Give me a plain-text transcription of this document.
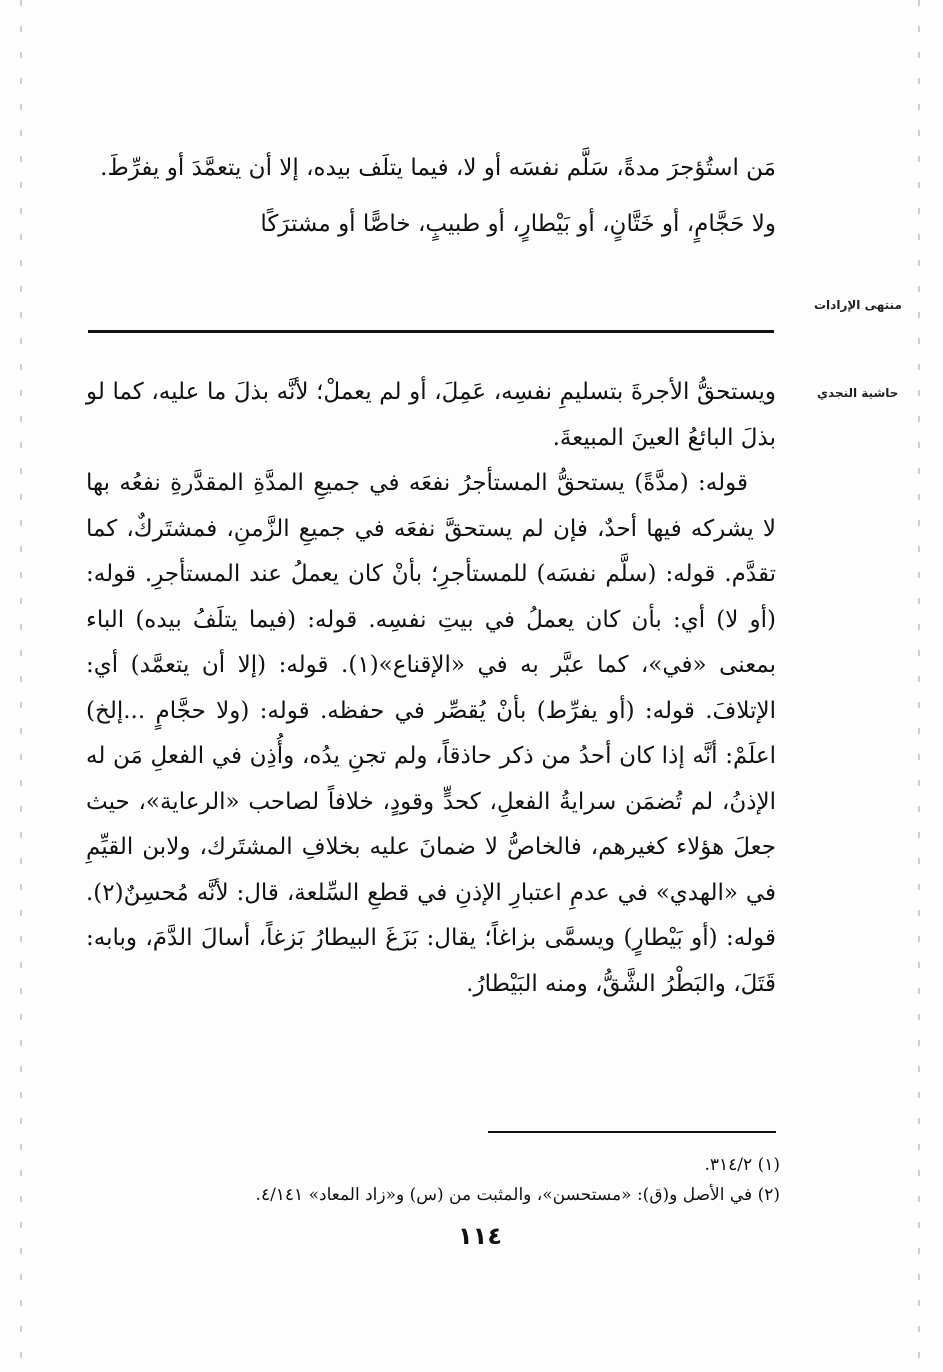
مَن استُؤجرَ مدةً، سَلَّم نفسَه أو لا، فيما يتلَف بيده، إلا أن يتعمَّدَ أو يفرِّطَ.

ولا حَجَّامٍ، أو خَتَّانٍ، أو بَيْطارٍ، أو طبيبٍ، خاصًّا أو مشترَكًا

منتهى الإرادات
حاشية النجدي

ويستحقُّ الأجرةَ بتسليمِ نفسِه، عَمِلَ، أو لم يعملْ؛ لأنَّه بذلَ ما عليه، كما لو بذلَ البائعُ العينَ المبيعةَ.

قوله: (مدَّةً) يستحقُّ المستأجرُ نفعَه في جميعِ المدَّةِ المقدَّرةِ نفعُه بها لا يشركه فيها أحدٌ، فإن لم يستحقَّ نفعَه في جميعِ الزَّمنِ، فمشتَركٌ، كما تقدَّم. قوله: (سلَّم نفسَه) للمستأجرِ؛ بأنْ كان يعملُ عند المستأجرِ. قوله: (أو لا) أي: بأن كان يعملُ في بيتِ نفسِه. قوله: (فيما يتلَفُ بيده) الباء بمعنى «في»، كما عبَّر به في «الإقناع»(١). قوله: (إلا أن يتعمَّد) أي: الإتلافَ. قوله: (أو يفرِّط) بأنْ يُقصِّر في حفظه. قوله: (ولا حجَّامٍ ...إلخ) اعلَمْ: أنَّه إذا كان أحدُ من ذكر حاذقاً، ولم تجنِ يدُه، وأُذِن في الفعلِ مَن له الإذنُ، لم تُضمَن سرايةُ الفعلِ، كحدٍّ وقودٍ، خلافاً لصاحب «الرعاية»، حيث جعلَ هؤلاء كغيرهم، فالخاصُّ لا ضمانَ عليه بخلافِ المشتَرك، ولابن القيِّمِ في «الهدي» في عدمِ اعتبارِ الإذنِ في قطعِ السِّلعة، قال: لأنَّه مُحسِنٌ(٢). قوله: (أو بَيْطارٍ) ويسمَّى بزاغاً؛ يقال: بَزَغَ البيطارُ بَزغاً، أسالَ الدَّمَ، وبابه: قَتَلَ، والبَطْرُ الشَّقُّ، ومنه البَيْطارُ.

(١) ٣١٤/٢.
(٢) في الأصل و(ق): «مستحسن»، والمثبت من (س) و«زاد المعاد» ٤/١٤١.
١١٤
